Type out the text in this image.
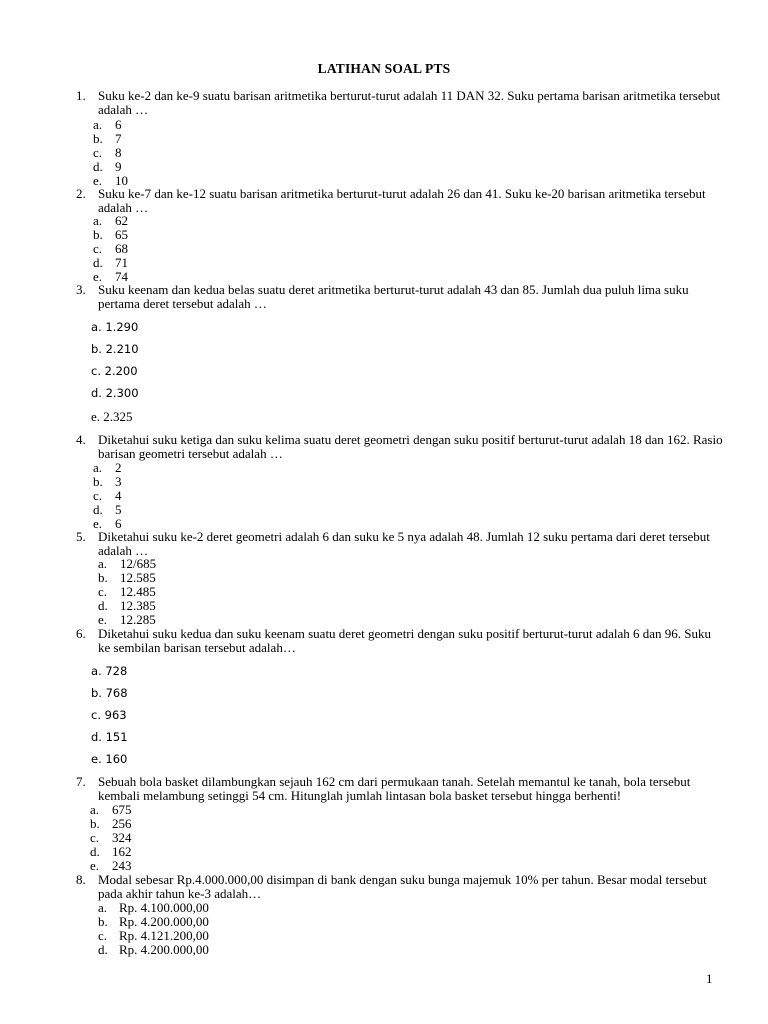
LATIHAN SOAL PTS
1. Suku ke-2 dan ke-9 suatu barisan aritmetika berturut-turut adalah 11 DAN 32. Suku pertama barisan aritmetika tersebut adalah …
a. 6
b. 7
c. 8
d. 9
e. 10
2. Suku ke-7 dan ke-12 suatu barisan aritmetika berturut-turut adalah 26 dan 41. Suku ke-20 barisan aritmetika tersebut adalah …
a. 62
b. 65
c. 68
d. 71
e. 74
3. Suku keenam dan kedua belas suatu deret aritmetika berturut-turut adalah 43 dan 85. Jumlah dua puluh lima suku pertama deret tersebut adalah …
a. 1.290
b. 2.210
c. 2.200
d. 2.300
e. 2.325
4. Diketahui suku ketiga dan suku kelima suatu deret geometri dengan suku positif berturut-turut adalah 18 dan 162. Rasio barisan geometri tersebut adalah …
a. 2
b. 3
c. 4
d. 5
e. 6
5. Diketahui suku ke-2 deret geometri adalah 6 dan suku ke 5 nya adalah 48. Jumlah 12 suku pertama dari deret tersebut adalah …
a. 12/685
b. 12.585
c. 12.485
d. 12.385
e. 12.285
6. Diketahui suku kedua dan suku keenam suatu deret geometri dengan suku positif berturut-turut adalah 6 dan 96. Suku ke sembilan barisan tersebut adalah…
a. 728
b. 768
c. 963
d. 151
e. 160
7. Sebuah bola basket dilambungkan sejauh 162 cm dari permukaan tanah. Setelah memantul ke tanah, bola tersebut kembali melambung setinggi 54 cm. Hitunglah jumlah lintasan bola basket tersebut hingga berhenti!
a. 675
b. 256
c. 324
d. 162
e. 243
8. Modal sebesar Rp.4.000.000,00 disimpan di bank dengan suku bunga majemuk 10% per tahun. Besar modal tersebut pada akhir tahun ke-3 adalah…
a. Rp. 4.100.000,00
b. Rp. 4.200.000,00
c. Rp. 4.121.200,00
d. Rp. 4.200.000,00
1
